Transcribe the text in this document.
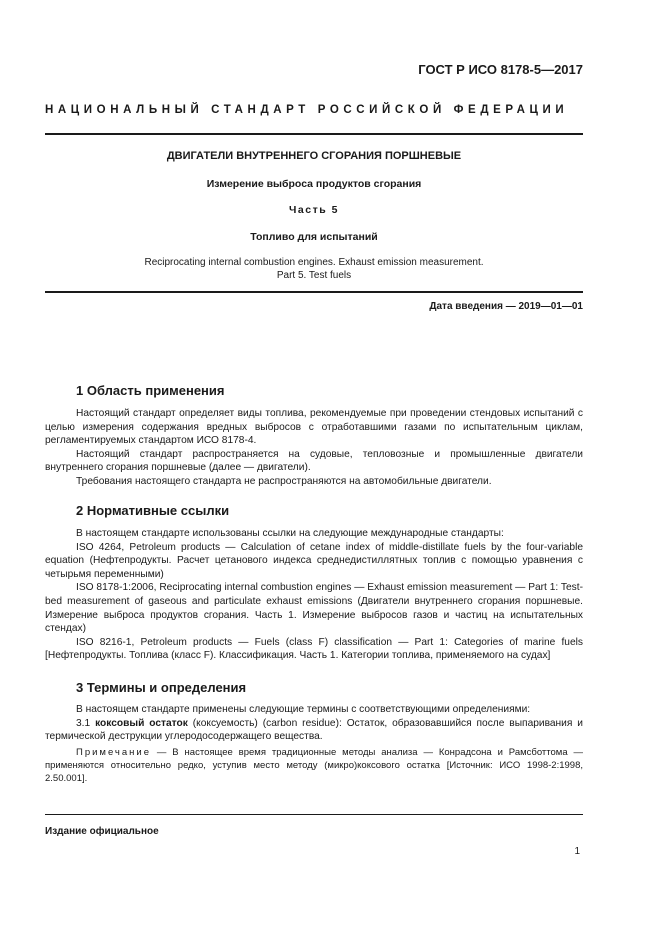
ГОСТ Р ИСО 8178-5—2017
НАЦИОНАЛЬНЫЙ СТАНДАРТ РОССИЙСКОЙ ФЕДЕРАЦИИ
ДВИГАТЕЛИ ВНУТРЕННЕГО СГОРАНИЯ ПОРШНЕВЫЕ
Измерение выброса продуктов сгорания
Часть 5
Топливо для испытаний
Reciprocating internal combustion engines. Exhaust emission measurement.
Part 5. Test fuels
Дата введения — 2019—01—01
1 Область применения

Настоящий стандарт определяет виды топлива, рекомендуемые при проведении стендовых испытаний с целью измерения содержания вредных выбросов с отработавшими газами по испытательным циклам, регламентируемых стандартом ИСО 8178-4.

Настоящий стандарт распространяется на судовые, тепловозные и промышленные двигатели внутреннего сгорания поршневые (далее — двигатели).

Требования настоящего стандарта не распространяются на автомобильные двигатели.

2 Нормативные ссылки

В настоящем стандарте использованы ссылки на следующие международные стандарты:

ISO 4264, Petroleum products — Calculation of cetane index of middle-distillate fuels by the four-variable equation (Нефтепродукты. Расчет цетанового индекса среднедистиллятных топлив с помощью уравнения с четырьмя переменными)

ISO 8178-1:2006, Reciprocating internal combustion engines — Exhaust emission measurement — Part 1: Test-bed measurement of gaseous and particulate exhaust emissions (Двигатели внутреннего сгорания поршневые. Измерение выброса продуктов сгорания. Часть 1. Измерение выбросов газов и частиц на испытательных стендах)

ISO 8216-1, Petroleum products — Fuels (class F) classification — Part 1: Categories of marine fuels [Нефтепродукты. Топлива (класс F). Классификация. Часть 1. Категории топлива, применяемого на судах]

3 Термины и определения

В настоящем стандарте применены следующие термины с соответствующими определениями:

3.1 коксовый остаток (коксуемость) (carbon residue): Остаток, образовавшийся после выпаривания и термической деструкции углеродосодержащего вещества.

Примечание — В настоящее время традиционные методы анализа — Конрадсона и Рамсботтома — применяются относительно редко, уступив место методу (микро)коксового остатка [Источник: ИСО 1998-2:1998, 2.50.001].

Издание официальное
1
